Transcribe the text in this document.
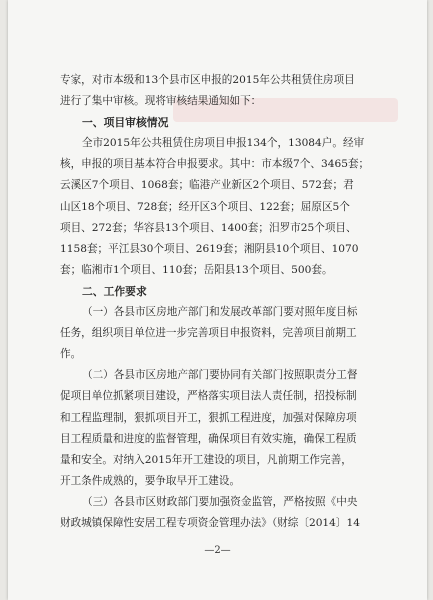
专家，对市本级和13个县市区申报的2015年公共租赁住房项目
进行了集中审核。现将审核结果通知如下：
一、项目审核情况
全市2015年公共租赁住房项目申报134个，13084户。经审
核，申报的项目基本符合申报要求。其中：市本级7个、3465套；
云溪区7个项目、1068套；临港产业新区2个项目、572套；君
山区18个项目、728套；经开区3个项目、122套；屈原区5个
项目、272套；华容县13个项目、1400套；汨罗市25个项目、
1158套；平江县30个项目、2619套；湘阴县10个项目、1070
套；临湘市1个项目、110套；岳阳县13个项目、500套。
二、工作要求
（一）各县市区房地产部门和发展改革部门要对照年度目标
任务，组织项目单位进一步完善项目申报资料，完善项目前期工
作。
（二）各县市区房地产部门要协同有关部门按照职责分工督
促项目单位抓紧项目建设，严格落实项目法人责任制，招投标制
和工程监理制，狠抓项目开工，狠抓工程进度，加强对保障房项
目工程质量和进度的监督管理，确保项目有效实施，确保工程质
量和安全。对纳入2015年开工建设的项目，凡前期工作完善，
开工条件成熟的，要争取早开工建设。
（三）各县市区财政部门要加强资金监管，严格按照《中央
财政城镇保障性安居工程专项资金管理办法》（财综〔2014〕14
—2—
